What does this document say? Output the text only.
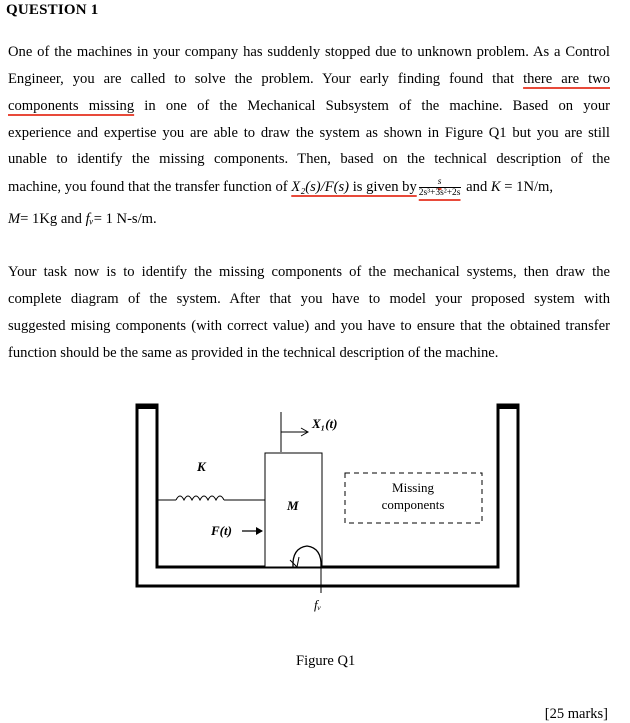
QUESTION 1
One of the machines in your company has suddenly stopped due to unknown problem. As a Control
Engineer, you are called to solve the problem. Your early finding found that there are two
components missing in one of the Mechanical Subsystem of the machine. Based on your
experience and expertise you are able to draw the system as shown in Figure Q1 but you are still
unable to identify the missing components. Then, based on the technical description of the
machine, you found that the transfer function of X₂(s)/F(s) is given by $\frac{s}{\text{2s³+3s²+2s}}$ and K = 1N/m,
M= 1Kg and fᵥ= 1 N-s/m.
Your task now is to identify the missing components of the mechanical systems, then draw the
complete diagram of the system. After that you have to model your proposed system with
suggested mising components (with correct value) and you have to ensure that the obtained transfer
function should be the same as provided in the technical description of the machine.
X₁(t)
K
M
F(t)
Missing
components
fᵥ
Figure Q1
[25 marks]
